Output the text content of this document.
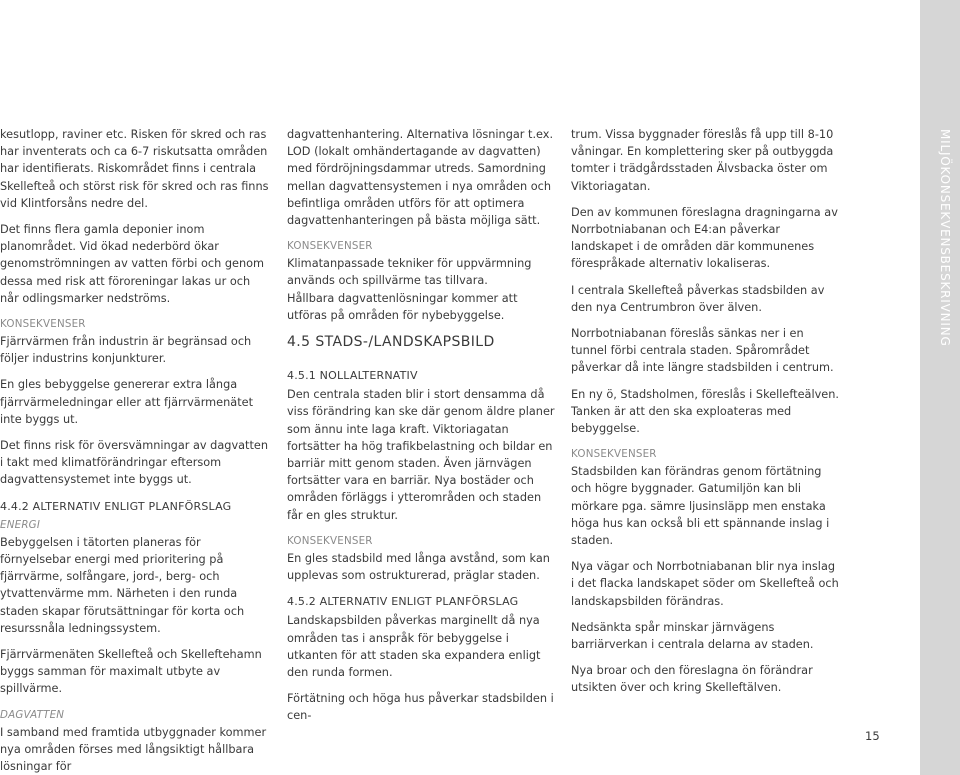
kesutlopp, raviner etc. Risken för skred och ras har inventerats och ca 6-7 riskutsatta områden har identifierats. Riskområdet finns i centrala Skellefteå och störst risk för skred och ras finns vid Klintforsåns nedre del.

Det finns flera gamla deponier inom planområdet. Vid ökad nederbörd ökar genomströmningen av vatten förbi och genom dessa med risk att föroreningar lakas ur och når odlingsmarker nedströms.

KONSEKVENSER

Fjärrvärmen från industrin är begränsad och följer industrins konjunkturer.

En gles bebyggelse genererar extra långa fjärrvärmeledningar eller att fjärrvärmenätet inte byggs ut.

Det finns risk för översvämningar av dagvatten i takt med klimatförändringar eftersom dagvattensystemet inte byggs ut.

4.4.2 ALTERNATIV ENLIGT PLANFÖRSLAG
ENERGI

Bebyggelsen i tätorten planeras för förnyelsebar energi med prioritering på fjärrvärme, solfångare, jord-, berg- och ytvattenvärme mm. Närheten i den runda staden skapar förutsättningar för korta och resurssnåla ledningssystem.

Fjärrvärmenäten Skellefteå och Skelleftehamn byggs samman för maximalt utbyte av spillvärme.

DAGVATTEN

I samband med framtida utbyggnader kommer nya områden förses med långsiktigt hållbara lösningar för

dagvattenhantering. Alternativa lösningar t.ex. LOD (lokalt omhändertagande av dagvatten) med fördröjningsdammar utreds. Samordning mellan dagvattensystemen i nya områden och befintliga områden utförs för att optimera dagvattenhanteringen på bästa möjliga sätt.

KONSEKVENSER

Klimatanpassade tekniker för uppvärmning används och spillvärme tas tillvara.

Hållbara dagvattenlösningar kommer att utföras på områden för nybebyggelse.

4.5 STADS-/LANDSKAPSBILD
4.5.1 NOLLALTERNATIV

Den centrala staden blir i stort densamma då viss förändring kan ske där genom äldre planer som ännu inte laga kraft. Viktoriagatan fortsätter ha hög trafikbelastning och bildar en barriär mitt genom staden. Även järnvägen fortsätter vara en barriär. Nya bostäder och områden förläggs i ytterområden och staden får en gles struktur.

KONSEKVENSER

En gles stadsbild med långa avstånd, som kan upplevas som ostrukturerad, präglar staden.

4.5.2 ALTERNATIV ENLIGT PLANFÖRSLAG

Landskapsbilden påverkas marginellt då nya områden tas i anspråk för bebyggelse i utkanten för att staden ska expandera enligt den runda formen.

Förtätning och höga hus påverkar stadsbilden i cen-

trum. Vissa byggnader föreslås få upp till 8-10 våningar. En komplettering sker på outbyggda tomter i trädgårdsstaden Älvsbacka öster om Viktoriagatan.

Den av kommunen föreslagna dragningarna av Norrbotniabanan och E4:an påverkar landskapet i de områden där kommunenes förespråkade alternativ lokaliseras.

I centrala Skellefteå påverkas stadsbilden av den nya Centrumbron över älven.

Norrbotniabanan föreslås sänkas ner i en tunnel förbi centrala staden. Spårområdet påverkar då inte längre stadsbilden i centrum.

En ny ö, Stadsholmen, föreslås i Skellefteälven. Tanken är att den ska exploateras med bebyggelse.

KONSEKVENSER

Stadsbilden kan förändras genom förtätning och högre byggnader. Gatumiljön kan bli mörkare pga. sämre ljusinsläpp men enstaka höga hus kan också bli ett spännande inslag i staden.

Nya vägar och Norrbotniabanan blir nya inslag i det flacka landskapet söder om Skellefteå och landskapsbilden förändras.

Nedsänkta spår minskar järnvägens barriärverkan i centrala delarna av staden.

Nya broar och den föreslagna ön förändrar utsikten över och kring Skelleftälven.

MILJÖKONSEKVENSBESKRIVNING
15
